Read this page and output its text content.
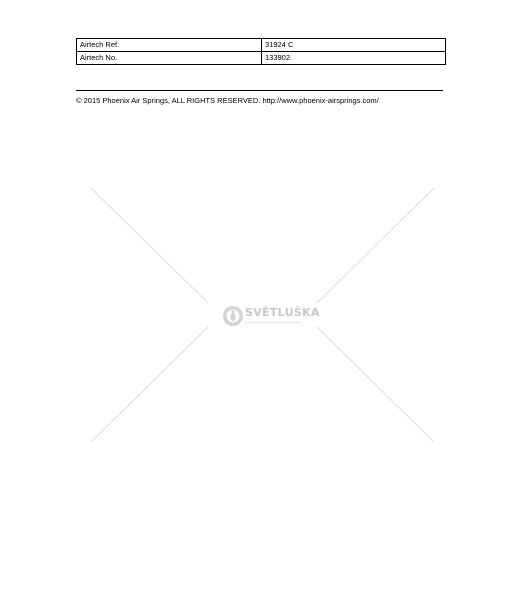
Airtech Ref.	31924 C
Airtech No.	133902
© 2015 Phoenix Air Springs, ALL RIGHTS RESERVED. http://www.phoenix-airsprings.com/
SVĚTLUŠKA
